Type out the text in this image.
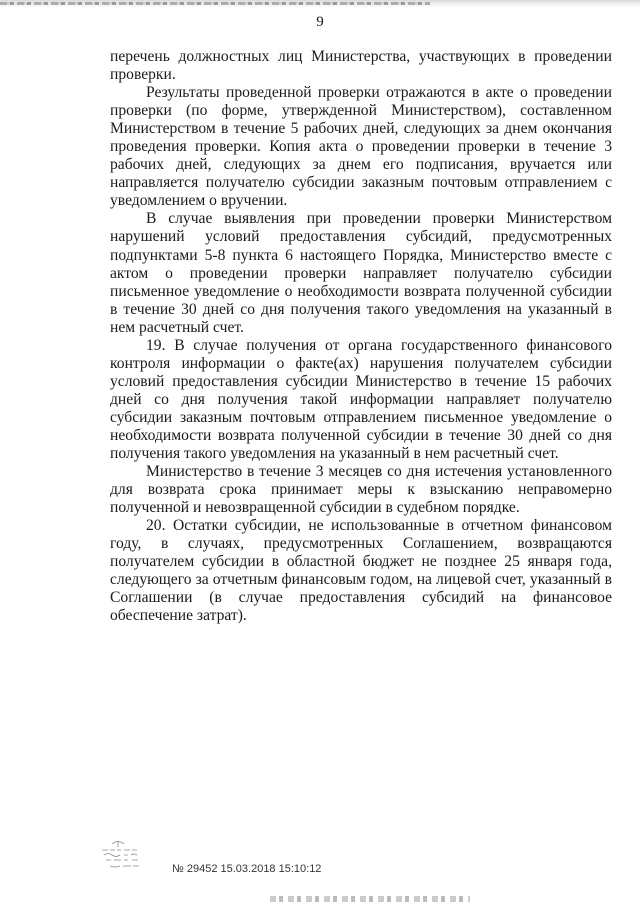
9

перечень должностных лиц Министерства, участвующих в проведении проверки.

Результаты проведенной проверки отражаются в акте о проведении проверки (по форме, утвержденной Министерством), составленном Министерством в течение 5 рабочих дней, следующих за днем окончания проведения проверки. Копия акта о проведении проверки в течение 3 рабочих дней, следующих за днем его подписания, вручается или направляется получателю субсидии заказным почтовым отправлением с уведомлением о вручении.

В случае выявления при проведении проверки Министерством нарушений условий предоставления субсидий, предусмотренных подпунктами 5-8 пункта 6 настоящего Порядка, Министерство вместе с актом о проведении проверки направляет получателю субсидии письменное уведомление о необходимости возврата полученной субсидии в течение 30 дней со дня получения такого уведомления на указанный в нем расчетный счет.

19. В случае получения от органа государственного финансового контроля информации о факте(ах) нарушения получателем субсидии условий предоставления субсидии Министерство в течение 15 рабочих дней со дня получения такой информации направляет получателю субсидии заказным почтовым отправлением письменное уведомление о необходимости возврата полученной субсидии в течение 30 дней со дня получения такого уведомления на указанный в нем расчетный счет.

Министерство в течение 3 месяцев со дня истечения установленного для возврата срока принимает меры к взысканию неправомерно полученной и невозвращенной субсидии в судебном порядке.

20. Остатки субсидии, не использованные в отчетном финансовом году, в случаях, предусмотренных Соглашением, возвращаются получателем субсидии в областной бюджет не позднее 25 января года, следующего за отчетным финансовым годом, на лицевой счет, указанный в Соглашении (в случае предоставления субсидий на финансовое обеспечение затрат).

№ 29452 15.03.2018 15:10:12
